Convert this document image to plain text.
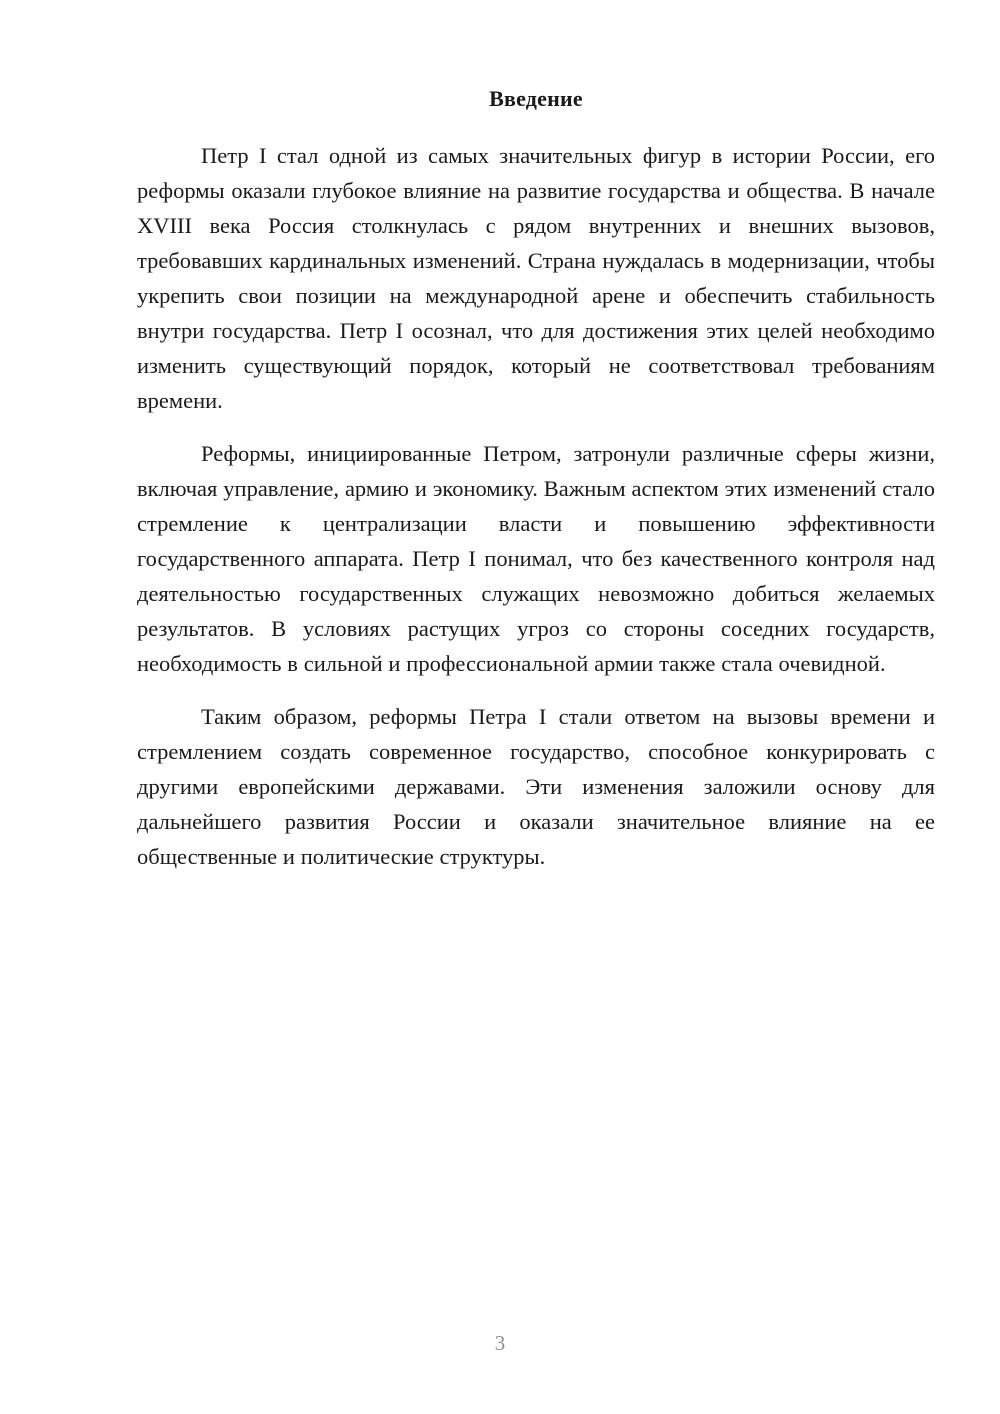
Введение

Петр I стал одной из самых значительных фигур в истории России, его реформы оказали глубокое влияние на развитие государства и общества. В начале XVIII века Россия столкнулась с рядом внутренних и внешних вызовов, требовавших кардинальных изменений. Страна нуждалась в модернизации, чтобы укрепить свои позиции на международной арене и обеспечить стабильность внутри государства. Петр I осознал, что для достижения этих целей необходимо изменить существующий порядок, который не соответствовал требованиям времени.

Реформы, инициированные Петром, затронули различные сферы жизни, включая управление, армию и экономику. Важным аспектом этих изменений стало стремление к централизации власти и повышению эффективности государственного аппарата. Петр I понимал, что без качественного контроля над деятельностью государственных служащих невозможно добиться желаемых результатов. В условиях растущих угроз со стороны соседних государств, необходимость в сильной и профессиональной армии также стала очевидной.

Таким образом, реформы Петра I стали ответом на вызовы времени и стремлением создать современное государство, способное конкурировать с другими европейскими державами. Эти изменения заложили основу для дальнейшего развития России и оказали значительное влияние на ее общественные и политические структуры.

3
